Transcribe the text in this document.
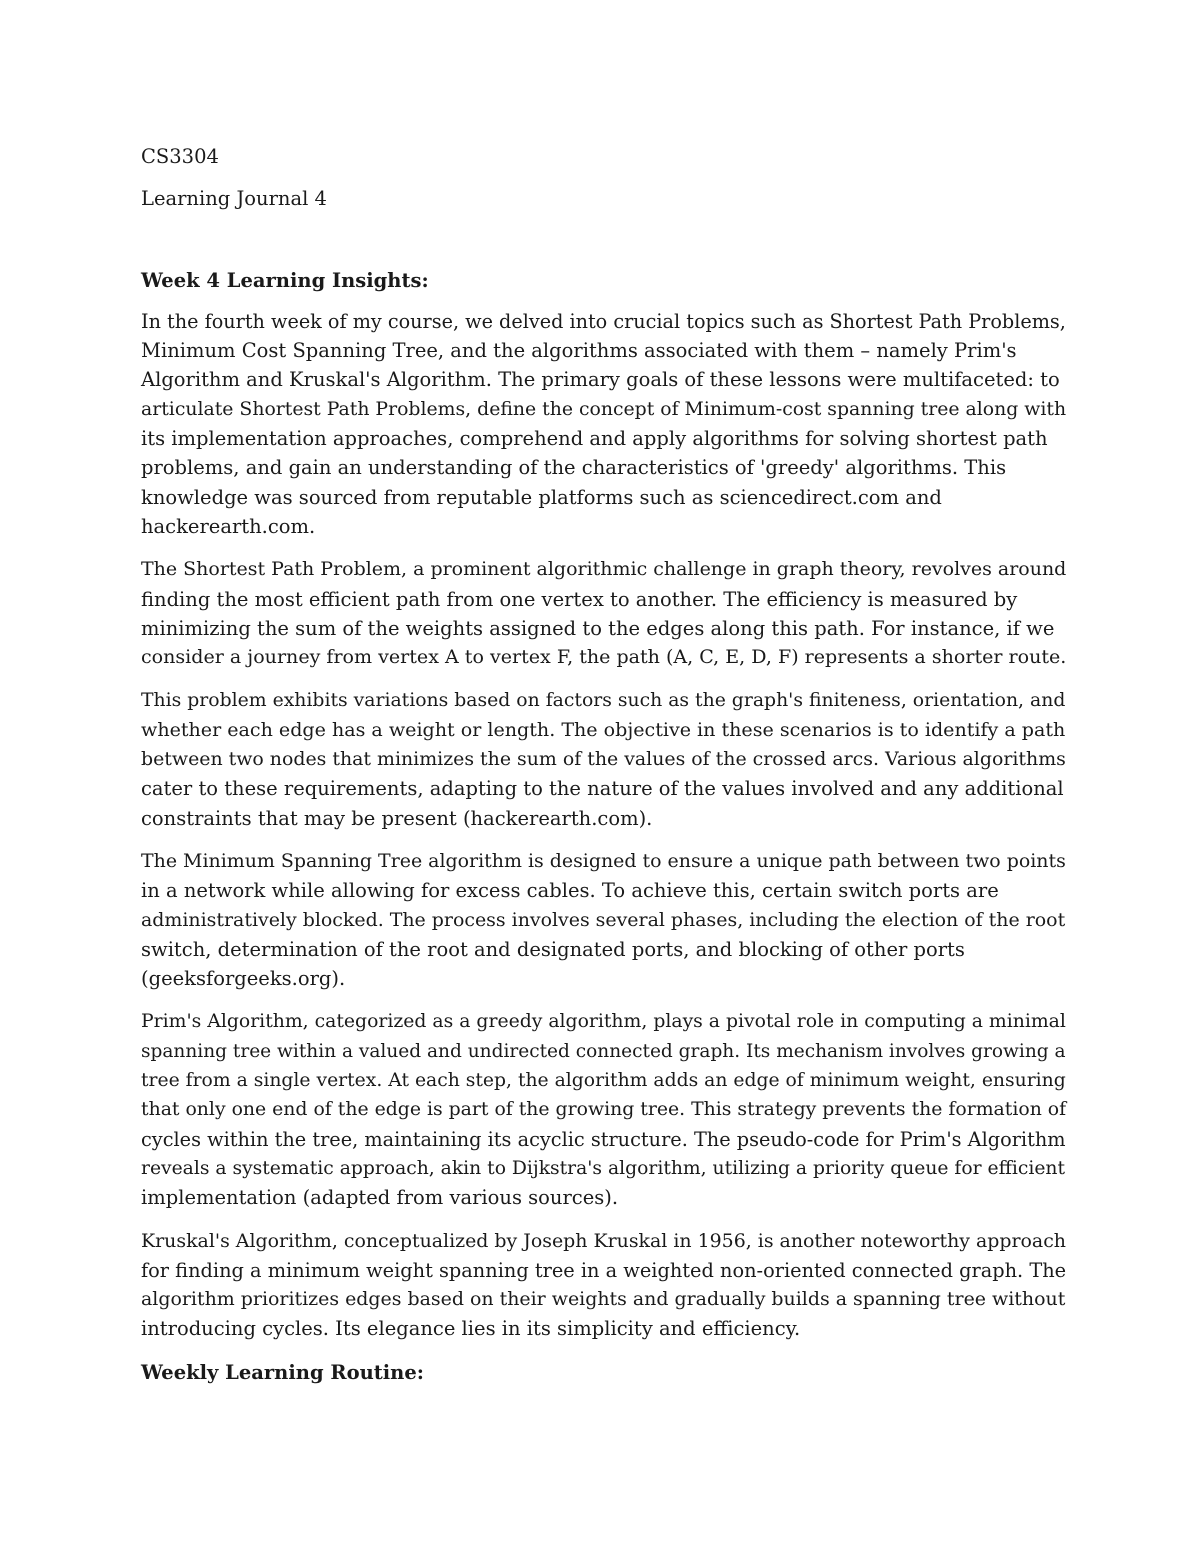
CS3304

Learning Journal 4

Week 4 Learning Insights:

In the fourth week of my course, we delved into crucial topics such as Shortest Path Problems,

Minimum Cost Spanning Tree, and the algorithms associated with them – namely Prim's

Algorithm and Kruskal's Algorithm. The primary goals of these lessons were multifaceted: to

articulate Shortest Path Problems, define the concept of Minimum-cost spanning tree along with

its implementation approaches, comprehend and apply algorithms for solving shortest path

problems, and gain an understanding of the characteristics of 'greedy' algorithms. This

knowledge was sourced from reputable platforms such as sciencedirect.com and

hackerearth.com.

The Shortest Path Problem, a prominent algorithmic challenge in graph theory, revolves around

finding the most efficient path from one vertex to another. The efficiency is measured by

minimizing the sum of the weights assigned to the edges along this path. For instance, if we

consider a journey from vertex A to vertex F, the path (A, C, E, D, F) represents a shorter route.

This problem exhibits variations based on factors such as the graph's finiteness, orientation, and

whether each edge has a weight or length. The objective in these scenarios is to identify a path

between two nodes that minimizes the sum of the values of the crossed arcs. Various algorithms

cater to these requirements, adapting to the nature of the values involved and any additional

constraints that may be present (hackerearth.com).

The Minimum Spanning Tree algorithm is designed to ensure a unique path between two points

in a network while allowing for excess cables. To achieve this, certain switch ports are

administratively blocked. The process involves several phases, including the election of the root

switch, determination of the root and designated ports, and blocking of other ports

(geeksforgeeks.org).

Prim's Algorithm, categorized as a greedy algorithm, plays a pivotal role in computing a minimal

spanning tree within a valued and undirected connected graph. Its mechanism involves growing a

tree from a single vertex. At each step, the algorithm adds an edge of minimum weight, ensuring

that only one end of the edge is part of the growing tree. This strategy prevents the formation of

cycles within the tree, maintaining its acyclic structure. The pseudo-code for Prim's Algorithm

reveals a systematic approach, akin to Dijkstra's algorithm, utilizing a priority queue for efficient

implementation (adapted from various sources).

Kruskal's Algorithm, conceptualized by Joseph Kruskal in 1956, is another noteworthy approach

for finding a minimum weight spanning tree in a weighted non-oriented connected graph. The

algorithm prioritizes edges based on their weights and gradually builds a spanning tree without

introducing cycles. Its elegance lies in its simplicity and efficiency.

Weekly Learning Routine:
